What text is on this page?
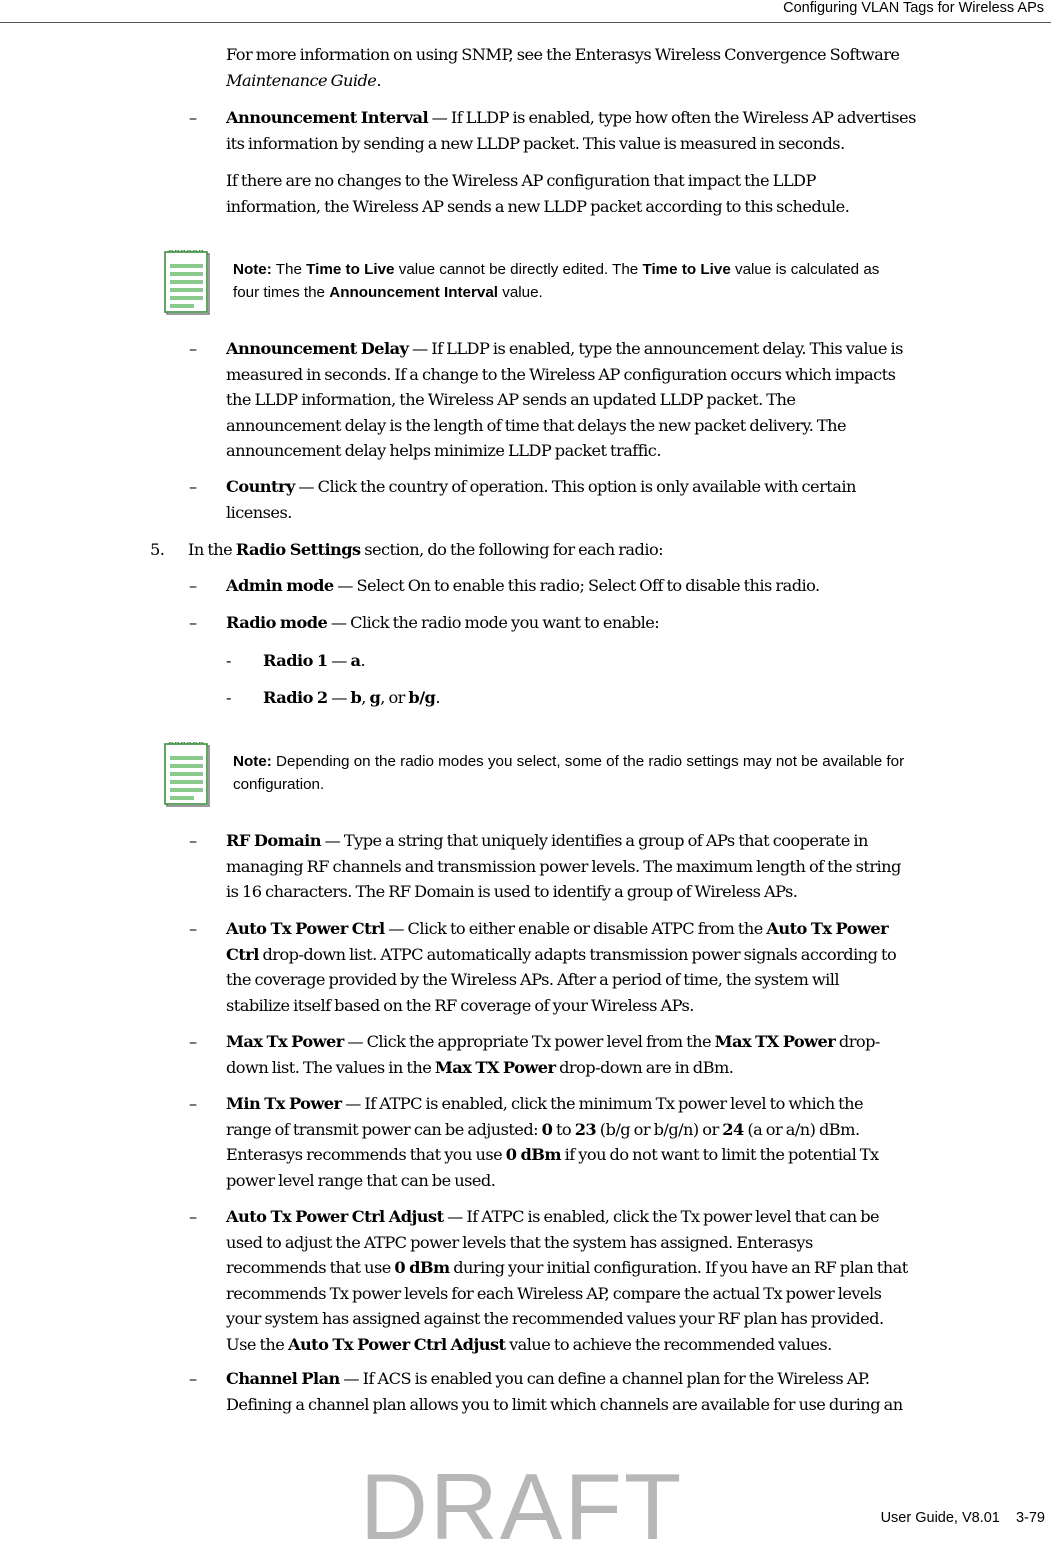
Configuring VLAN Tags for Wireless APs
For more information on using SNMP, see the Enterasys Wireless Convergence Software
Maintenance Guide.
–	Announcement Interval — If LLDP is enabled, type how often the Wireless AP advertises
its information by sending a new LLDP packet. This value is measured in seconds.
If there are no changes to the Wireless AP configuration that impact the LLDP
information, the Wireless AP sends a new LLDP packet according to this schedule.
Note: The Time to Live value cannot be directly edited. The Time to Live value is calculated as
four times the Announcement Interval value.
–	Announcement Delay — If LLDP is enabled, type the announcement delay. This value is
measured in seconds. If a change to the Wireless AP configuration occurs which impacts
the LLDP information, the Wireless AP sends an updated LLDP packet. The
announcement delay is the length of time that delays the new packet delivery. The
announcement delay helps minimize LLDP packet traffic.
–	Country — Click the country of operation. This option is only available with certain
licenses.
5. In the Radio Settings section, do the following for each radio:
–	Admin mode — Select On to enable this radio; Select Off to disable this radio.
–	Radio mode — Click the radio mode you want to enable:
- Radio 1 — a.
- Radio 2 — b, g, or b/g.
Note: Depending on the radio modes you select, some of the radio settings may not be available for
configuration.
–	RF Domain — Type a string that uniquely identifies a group of APs that cooperate in
managing RF channels and transmission power levels. The maximum length of the string
is 16 characters. The RF Domain is used to identify a group of Wireless APs.
–	Auto Tx Power Ctrl — Click to either enable or disable ATPC from the Auto Tx Power
Ctrl drop-down list. ATPC automatically adapts transmission power signals according to
the coverage provided by the Wireless APs. After a period of time, the system will
stabilize itself based on the RF coverage of your Wireless APs.
–	Max Tx Power — Click the appropriate Tx power level from the Max TX Power drop-
down list. The values in the Max TX Power drop-down are in dBm.
–	Min Tx Power — If ATPC is enabled, click the minimum Tx power level to which the
range of transmit power can be adjusted: 0 to 23 (b/g or b/g/n) or 24 (a or a/n) dBm.
Enterasys recommends that you use 0 dBm if you do not want to limit the potential Tx
power level range that can be used.
–	Auto Tx Power Ctrl Adjust — If ATPC is enabled, click the Tx power level that can be
used to adjust the ATPC power levels that the system has assigned. Enterasys
recommends that use 0 dBm during your initial configuration. If you have an RF plan that
recommends Tx power levels for each Wireless AP, compare the actual Tx power levels
your system has assigned against the recommended values your RF plan has provided.
Use the Auto Tx Power Ctrl Adjust value to achieve the recommended values.
–	Channel Plan — If ACS is enabled you can define a channel plan for the Wireless AP.
Defining a channel plan allows you to limit which channels are available for use during an
DRAFT	User Guide, V8.01    3-79
